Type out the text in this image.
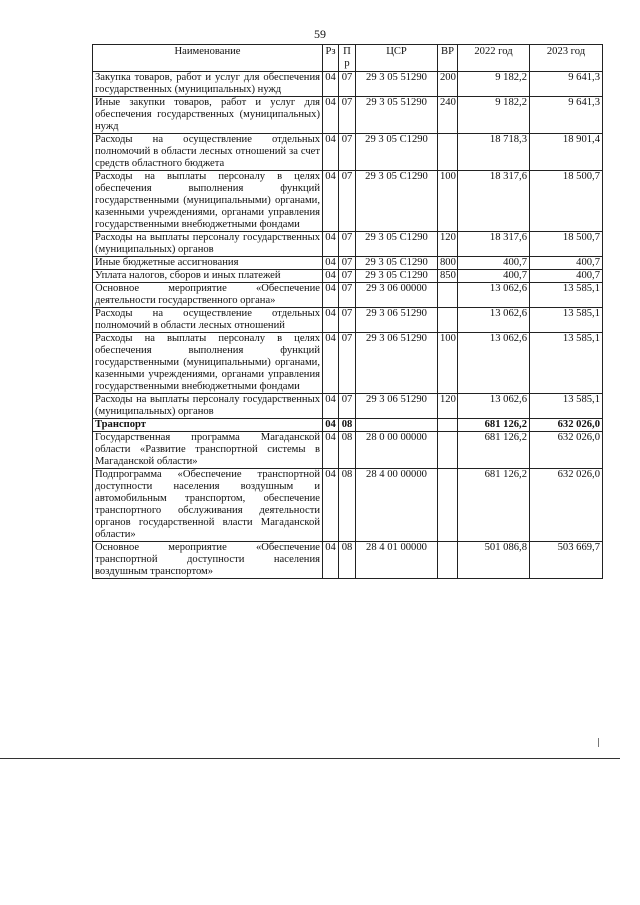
59
Наименование	Рз	Пр	ЦСР	ВР	2022 год	2023 год
Закупка товаров, работ и услуг для обеспечения государственных (муниципальных) нужд	04	07	29 3 05 51290	200	9 182,2	9 641,3
Иные закупки товаров, работ и услуг для обеспечения государственных (муниципальных) нужд	04	07	29 3 05 51290	240	9 182,2	9 641,3
Расходы на осуществление отдельных полномочий в области лесных отношений за счет средств областного бюджета	04	07	29 3 05 С1290		18 718,3	18 901,4
Расходы на выплаты персоналу в целях обеспечения выполнения функций государственными (муниципальными) органами, казенными учреждениями, органами управления государственными внебюджетными фондами	04	07	29 3 05 С1290	100	18 317,6	18 500,7
Расходы на выплаты персоналу государственных (муниципальных) органов	04	07	29 3 05 С1290	120	18 317,6	18 500,7
Иные бюджетные ассигнования	04	07	29 3 05 С1290	800	400,7	400,7
Уплата налогов, сборов и иных платежей	04	07	29 3 05 С1290	850	400,7	400,7
Основное мероприятие «Обеспечение деятельности государственного органа»	04	07	29 3 06 00000		13 062,6	13 585,1
Расходы на осуществление отдельных полномочий в области лесных отношений	04	07	29 3 06 51290		13 062,6	13 585,1
Расходы на выплаты персоналу в целях обеспечения выполнения функций государственными (муниципальными) органами, казенными учреждениями, органами управления государственными внебюджетными фондами	04	07	29 3 06 51290	100	13 062,6	13 585,1
Расходы на выплаты персоналу государственных (муниципальных) органов	04	07	29 3 06 51290	120	13 062,6	13 585,1
Транспорт	04	08			681 126,2	632 026,0
Государственная программа Магаданской области «Развитие транспортной системы в Магаданской области»	04	08	28 0 00 00000		681 126,2	632 026,0
Подпрограмма «Обеспечение транспортной доступности населения воздушным и автомобильным транспортом, обеспечение транспортного обслуживания деятельности органов государственной власти Магаданской области»	04	08	28 4 00 00000		681 126,2	632 026,0
Основное мероприятие «Обеспечение транспортной доступности населения воздушным транспортом»	04	08	28 4 01 00000		501 086,8	503 669,7
